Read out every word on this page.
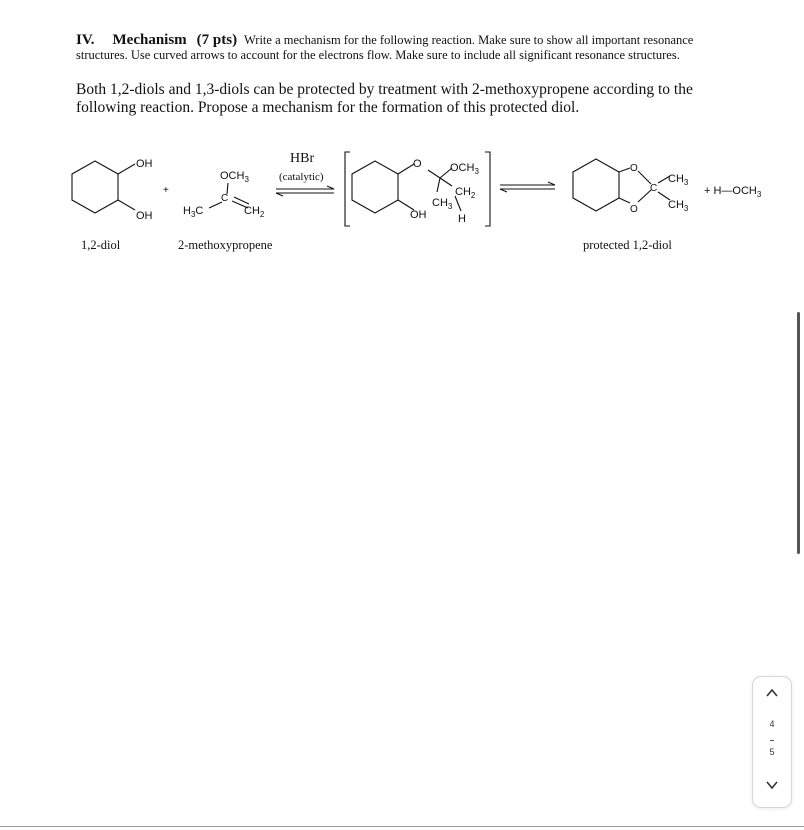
IV. Mechanism (7 pts) Write a mechanism for the following reaction. Make sure to show all important resonance structures. Use curved arrows to account for the electrons flow. Make sure to include all significant resonance structures.
Both 1,2-diols and 1,3-diols can be protected by treatment with 2-methoxypropene according to the following reaction. Propose a mechanism for the formation of this protected diol.
OH
OH
+
$OCH_3$
C
$H_3C$	$CH_2$
HBr
(catalytic)
O	$OCH_3$
$CH_2$
$CH_3$
OH	H
O
O
C
$CH_3$
$CH_3$
+ $H—OCH_3$
1,2-diol	2-methoxypropene	protected 1,2-diol
4
5
